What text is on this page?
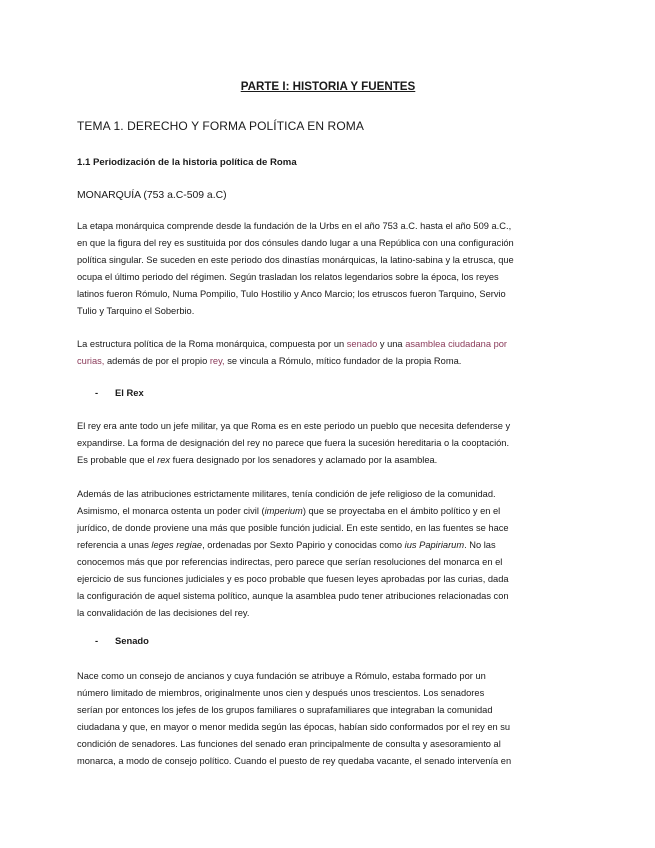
PARTE I: HISTORIA Y FUENTES
TEMA 1. DERECHO Y FORMA POLÍTICA EN ROMA
1.1 Periodización de la historia política de Roma
MONARQUÍA (753 a.C-509 a.C)
La etapa monárquica comprende desde la fundación de la Urbs en el año 753 a.C. hasta el año 509 a.C.,
en que la figura del rey es sustituida por dos cónsules dando lugar a una República con una configuración
política singular. Se suceden en este periodo dos dinastías monárquicas, la latino-sabina y la etrusca, que
ocupa el último periodo del régimen. Según trasladan los relatos legendarios sobre la época, los reyes
latinos fueron Rómulo, Numa Pompilio, Tulo Hostilio y Anco Marcio; los etruscos fueron Tarquino, Servio
Tulio y Tarquino el Soberbio.
La estructura política de la Roma monárquica, compuesta por un senado y una asamblea ciudadana por
curias, además de por el propio rey, se vincula a Rómulo, mítico fundador de la propia Roma.
- El Rex
El rey era ante todo un jefe militar, ya que Roma es en este periodo un pueblo que necesita defenderse y
expandirse. La forma de designación del rey no parece que fuera la sucesión hereditaria o la cooptación.
Es probable que el rex fuera designado por los senadores y aclamado por la asamblea.
Además de las atribuciones estrictamente militares, tenía condición de jefe religioso de la comunidad.
Asimismo, el monarca ostenta un poder civil (imperium) que se proyectaba en el ámbito político y en el
jurídico, de donde proviene una más que posible función judicial. En este sentido, en las fuentes se hace
referencia a unas leges regiae, ordenadas por Sexto Papirio y conocidas como ius Papiriarum. No las
conocemos más que por referencias indirectas, pero parece que serían resoluciones del monarca en el
ejercicio de sus funciones judiciales y es poco probable que fuesen leyes aprobadas por las curias, dada
la configuración de aquel sistema político, aunque la asamblea pudo tener atribuciones relacionadas con
la convalidación de las decisiones del rey.
- Senado
Nace como un consejo de ancianos y cuya fundación se atribuye a Rómulo, estaba formado por un
número limitado de miembros, originalmente unos cien y después unos trescientos. Los senadores
serían por entonces los jefes de los grupos familiares o suprafamiliares que integraban la comunidad
ciudadana y que, en mayor o menor medida según las épocas, habían sido conformados por el rey en su
condición de senadores. Las funciones del senado eran principalmente de consulta y asesoramiento al
monarca, a modo de consejo político. Cuando el puesto de rey quedaba vacante, el senado intervenía en
